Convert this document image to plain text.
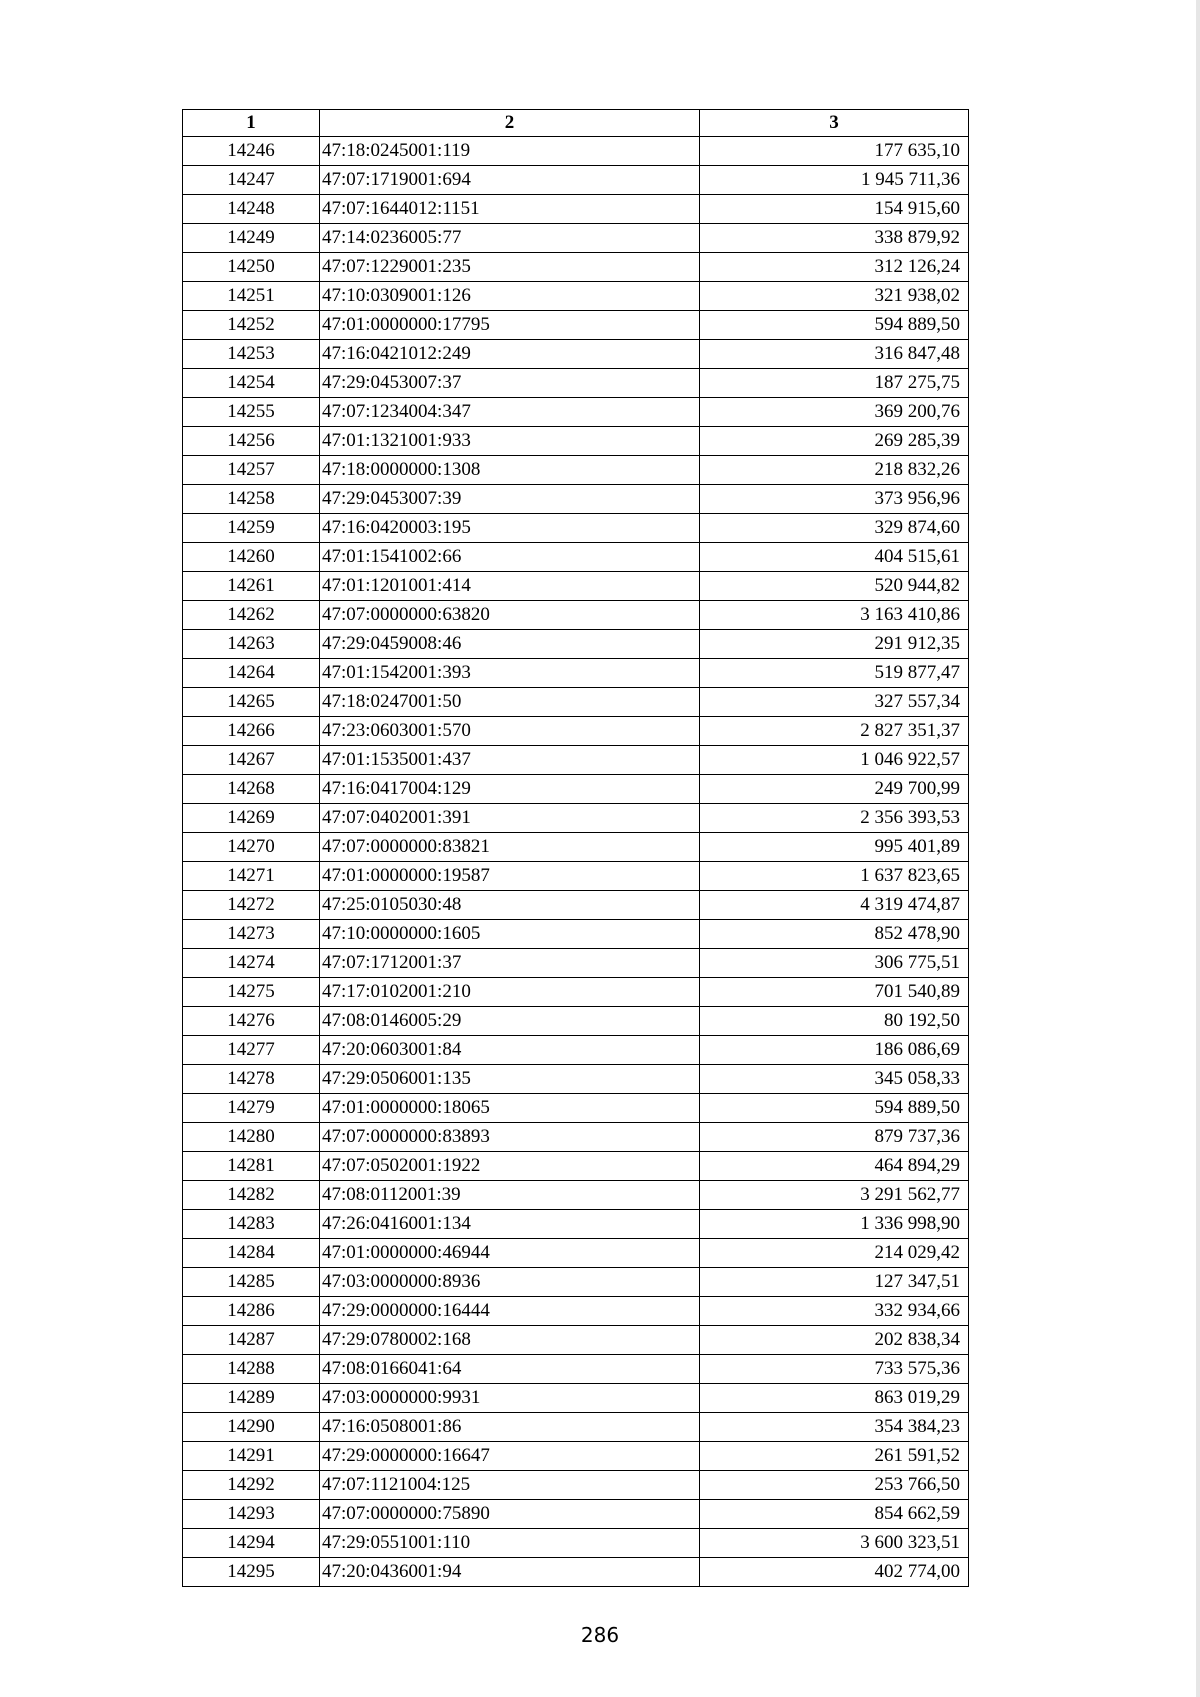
1	2	3
14246	47:18:0245001:119	177 635,10
14247	47:07:1719001:694	1 945 711,36
14248	47:07:1644012:1151	154 915,60
14249	47:14:0236005:77	338 879,92
14250	47:07:1229001:235	312 126,24
14251	47:10:0309001:126	321 938,02
14252	47:01:0000000:17795	594 889,50
14253	47:16:0421012:249	316 847,48
14254	47:29:0453007:37	187 275,75
14255	47:07:1234004:347	369 200,76
14256	47:01:1321001:933	269 285,39
14257	47:18:0000000:1308	218 832,26
14258	47:29:0453007:39	373 956,96
14259	47:16:0420003:195	329 874,60
14260	47:01:1541002:66	404 515,61
14261	47:01:1201001:414	520 944,82
14262	47:07:0000000:63820	3 163 410,86
14263	47:29:0459008:46	291 912,35
14264	47:01:1542001:393	519 877,47
14265	47:18:0247001:50	327 557,34
14266	47:23:0603001:570	2 827 351,37
14267	47:01:1535001:437	1 046 922,57
14268	47:16:0417004:129	249 700,99
14269	47:07:0402001:391	2 356 393,53
14270	47:07:0000000:83821	995 401,89
14271	47:01:0000000:19587	1 637 823,65
14272	47:25:0105030:48	4 319 474,87
14273	47:10:0000000:1605	852 478,90
14274	47:07:1712001:37	306 775,51
14275	47:17:0102001:210	701 540,89
14276	47:08:0146005:29	80 192,50
14277	47:20:0603001:84	186 086,69
14278	47:29:0506001:135	345 058,33
14279	47:01:0000000:18065	594 889,50
14280	47:07:0000000:83893	879 737,36
14281	47:07:0502001:1922	464 894,29
14282	47:08:0112001:39	3 291 562,77
14283	47:26:0416001:134	1 336 998,90
14284	47:01:0000000:46944	214 029,42
14285	47:03:0000000:8936	127 347,51
14286	47:29:0000000:16444	332 934,66
14287	47:29:0780002:168	202 838,34
14288	47:08:0166041:64	733 575,36
14289	47:03:0000000:9931	863 019,29
14290	47:16:0508001:86	354 384,23
14291	47:29:0000000:16647	261 591,52
14292	47:07:1121004:125	253 766,50
14293	47:07:0000000:75890	854 662,59
14294	47:29:0551001:110	3 600 323,51
14295	47:20:0436001:94	402 774,00
286
